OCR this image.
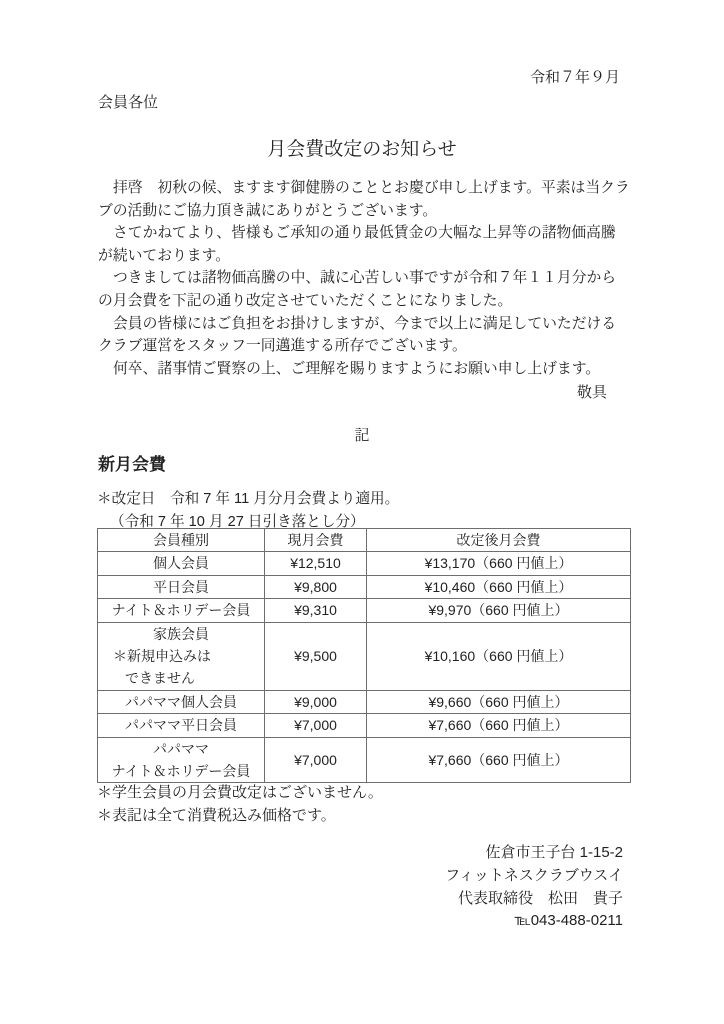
令和７年９月
会員各位
月会費改定のお知らせ
拝啓　初秋の候、ますます御健勝のこととお慶び申し上げます。平素は当クラ
ブの活動にご協力頂き誠にありがとうございます。
さてかねてより、皆様もご承知の通り最低賃金の大幅な上昇等の諸物価高騰
が続いております。
つきましては諸物価高騰の中、誠に心苦しい事ですが令和７年１１月分から
の月会費を下記の通り改定させていただくことになりました。
会員の皆様にはご負担をお掛けしますが、今まで以上に満足していただける
クラブ運営をスタッフ一同邁進する所存でございます。
何卒、諸事情ご賢察の上、ご理解を賜りますようにお願い申し上げます。
敬具
記
新月会費
＊改定日　令和 7 年 11 月分月会費より適用。
（令和 7 年 10 月 27 日引き落とし分）
会員種別	現月会費	改定後月会費

個人会員	¥12,510	¥13,170（660 円値上）

平日会員	¥9,800	¥10,460（660 円値上）

ナイト＆ホリデー会員	¥9,310	¥9,970（660 円値上）

家族会員
＊新規申込みは
できません	¥9,500	¥10,160（660 円値上）

パパママ個人会員	¥9,000	¥9,660（660 円値上）

パパママ平日会員	¥7,000	¥7,660（660 円値上）

パパママ
ナイト＆ホリデー会員	¥7,000	¥7,660（660 円値上）
＊学生会員の月会費改定はございません。
＊表記は全て消費税込み価格です。
佐倉市王子台 1-15-2
フィットネスクラブウスイ
代表取締役　松田　貴子
℡043-488-0211
